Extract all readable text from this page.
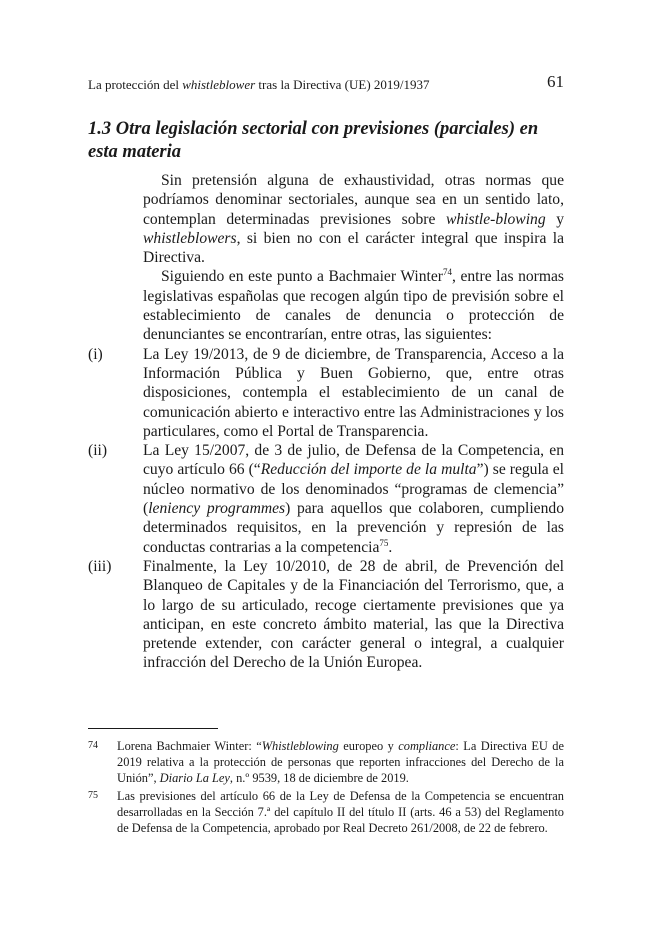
La protección del whistleblower tras la Directiva (UE) 2019/1937	61
1.3 Otra legislación sectorial con previsiones (parciales) en esta materia

Sin pretensión alguna de exhaustividad, otras normas que podríamos denominar sectoriales, aunque sea en un sentido lato, contemplan determinadas previsiones sobre whistle-blowing y whistleblowers, si bien no con el carácter integral que inspira la Directiva.

Siguiendo en este punto a Bachmaier Winter$^{74}$, entre las normas legislativas españolas que recogen algún tipo de previsión sobre el establecimiento de canales de denuncia o protección de denunciantes se encontrarían, entre otras, las siguientes:

(i)	La Ley 19/2013, de 9 de diciembre, de Transparencia, Acceso a la Información Pública y Buen Gobierno, que, entre otras disposiciones, contempla el establecimiento de un canal de comunicación abierto e interactivo entre las Administraciones y los particulares, como el Portal de Transparencia.

(ii) La Ley 15/2007, de 3 de julio, de Defensa de la Competencia, en cuyo artículo 66 (“Reducción del importe de la multa”) se regula el núcleo normativo de los denominados “programas de clemencia” (leniency programmes) para aquellos que colaboren, cumpliendo determinados requisitos, en la prevención y represión de las conductas contrarias a la competencia$^{75}$.

(iii) Finalmente, la Ley 10/2010, de 28 de abril, de Prevención del Blanqueo de Capitales y de la Financiación del Terrorismo, que, a lo largo de su articulado, recoge ciertamente previsiones que ya anticipan, en este concreto ámbito material, las que la Directiva pretende extender, con carácter general o integral, a cualquier infracción del Derecho de la Unión Europea.

74 Lorena Bachmaier Winter: “Whistleblowing europeo y compliance: La Directiva EU de 2019 relativa a la protección de personas que reporten infracciones del Derecho de la Unión”, Diario La Ley, n.º 9539, 18 de diciembre de 2019.

75 Las previsiones del artículo 66 de la Ley de Defensa de la Competencia se encuentran desarrolladas en la Sección 7.ª del capítulo II del título II (arts. 46 a 53) del Reglamento de Defensa de la Competencia, aprobado por Real Decreto 261/2008, de 22 de febrero.
